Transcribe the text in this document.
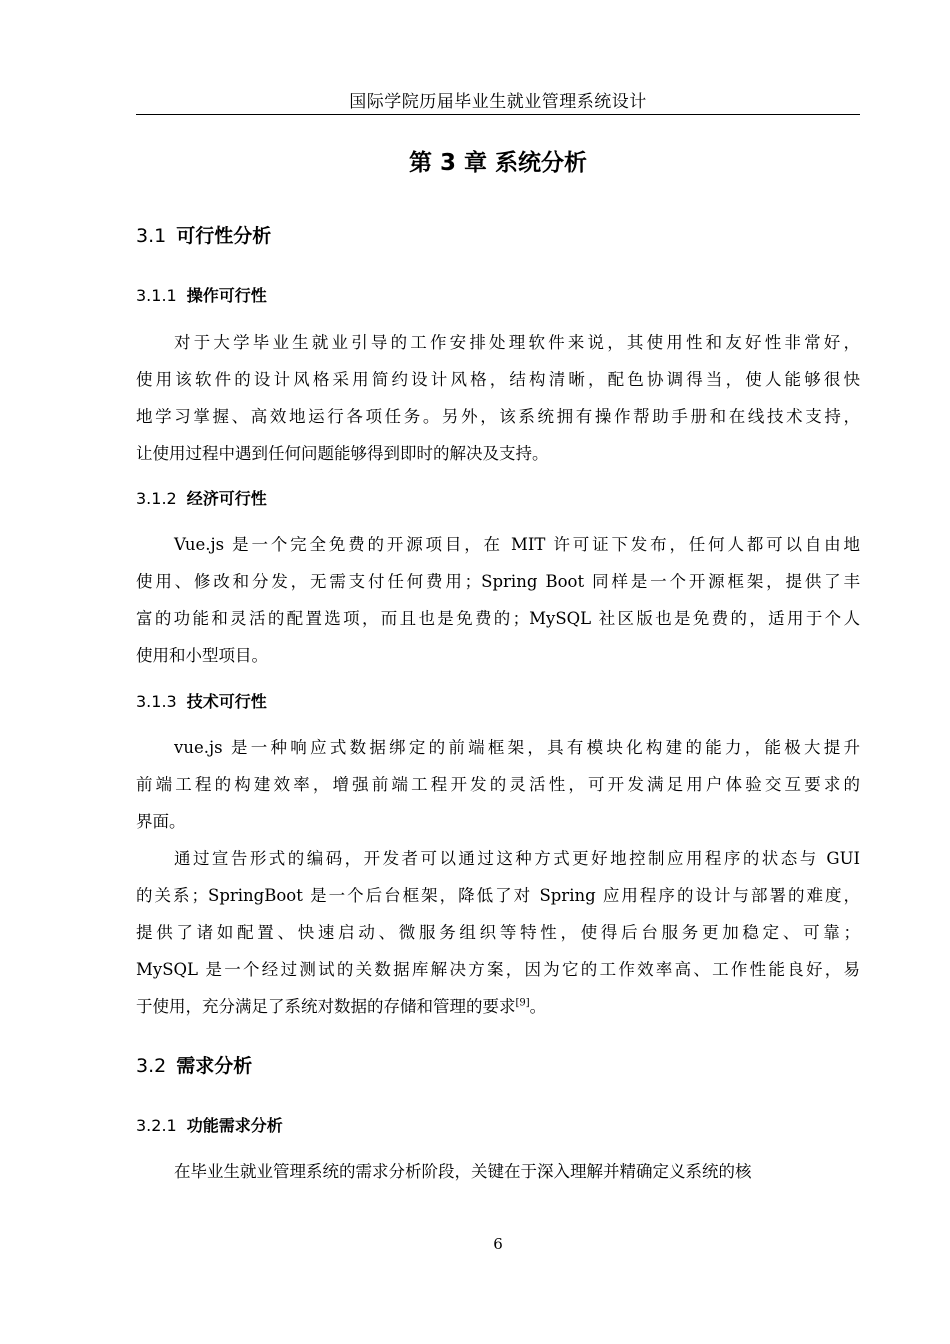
国际学院历届毕业生就业管理系统设计
第 3 章 系统分析
3.1 可行性分析
3.1.1 操作可行性
对于大学毕业生就业引导的工作安排处理软件来说，其使用性和友好性非常好，
使用该软件的设计风格采用简约设计风格，结构清晰，配色协调得当，使人能够很快
地学习掌握、高效地运行各项任务。另外，该系统拥有操作帮助手册和在线技术支持，
让使用过程中遇到任何问题能够得到即时的解决及支持。
3.1.2 经济可行性
Vue.js 是一个完全免费的开源项目，在 MIT 许可证下发布，任何人都可以自由地
使用、修改和分发，无需支付任何费用；Spring Boot 同样是一个开源框架，提供了丰
富的功能和灵活的配置选项，而且也是免费的；MySQL 社区版也是免费的，适用于个人
使用和小型项目。
3.1.3 技术可行性
vue.js 是一种响应式数据绑定的前端框架，具有模块化构建的能力，能极大提升
前端工程的构建效率，增强前端工程开发的灵活性，可开发满足用户体验交互要求的
界面。
通过宣告形式的编码，开发者可以通过这种方式更好地控制应用程序的状态与 GUI
的关系；SpringBoot 是一个后台框架，降低了对 Spring 应用程序的设计与部署的难度，
提供了诸如配置、快速启动、微服务组织等特性，使得后台服务更加稳定、可靠；
MySQL 是一个经过测试的关数据库解决方案，因为它的工作效率高、工作性能良好，易
于使用，充分满足了系统对数据的存储和管理的要求[9]。
3.2 需求分析
3.2.1 功能需求分析
在毕业生就业管理系统的需求分析阶段，关键在于深入理解并精确定义系统的核
6
